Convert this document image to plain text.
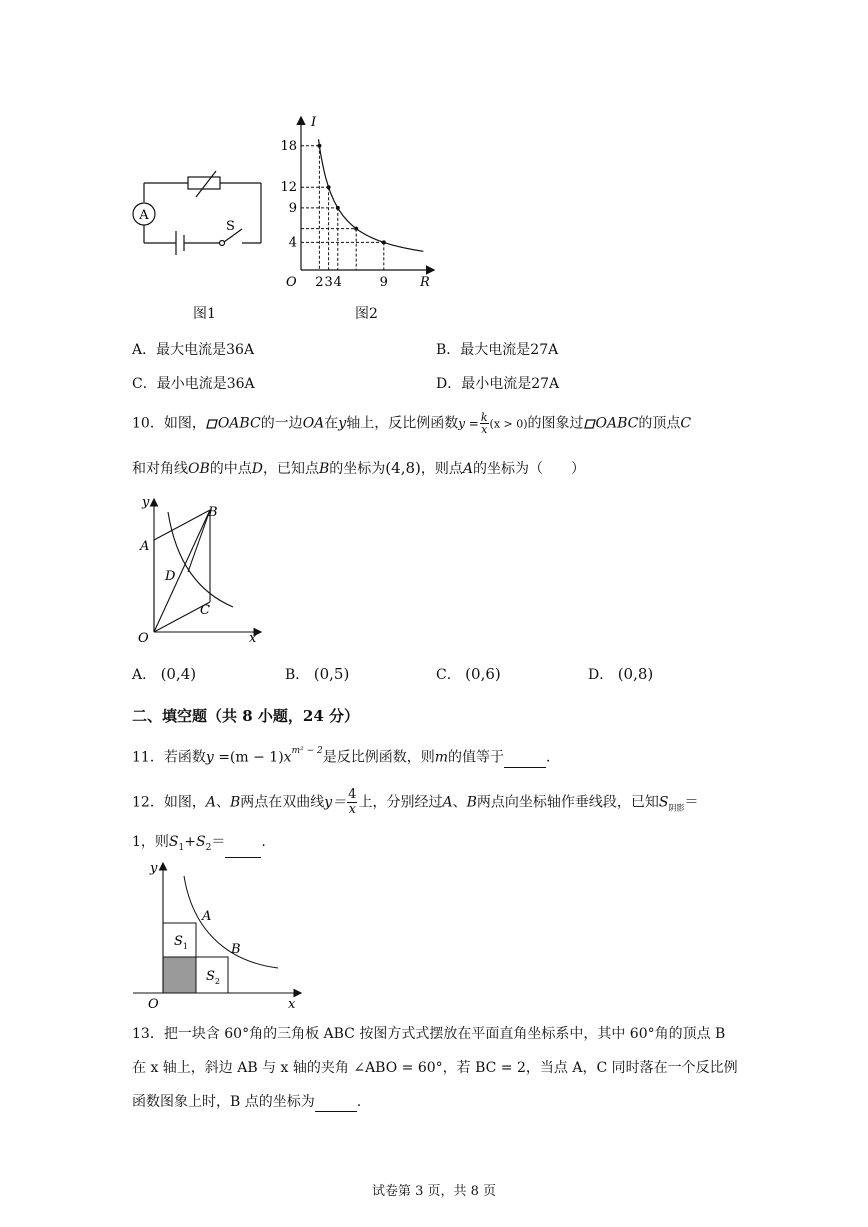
A
S
图1
I
R
O
18
12
9
4
2 3 4	9
图2
A．最大电流是36A	B．最大电流是27A
C．最小电流是36A	D．最小电流是27A
10．如图， OABC的一边OA在y轴上，反比例函数$y = \frac{k}{x} (x > 0)$的图象过 OABC的顶点C
和对角线OB的中点D，已知点B的坐标为(4,8)，则点A的坐标为（　　）
y
B
A
D
C
O	x
A． (0,4)	B． (0,5)	C． (0,6)	D． (0,8)
二、填空题（共 8 小题，24 分）
11．若函数$y =(m - 1)x^{m^2 - 2}$是反比例函数，则m的值等于	.
12．如图，A、B两点在双曲线$y= \frac{4}{x}$ 上，分别经过A、B两点向坐标轴作垂线段，已知$S_{阴影}=$
1，则$S_1+S_2=$	.
y
A
$S_1$	B
$S_2$
O	x
13．把一块含 60°角的三角板 ABC 按图方式式摆放在平面直角坐标系中，其中 60°角的顶点 B
在 x 轴上，斜边 AB 与 x 轴的夹角 ∠ABO = 60°，若 BC = 2，当点 A，C 同时落在一个反比例
函数图象上时，B 点的坐标为	.
试卷第 3 页，共 8 页
